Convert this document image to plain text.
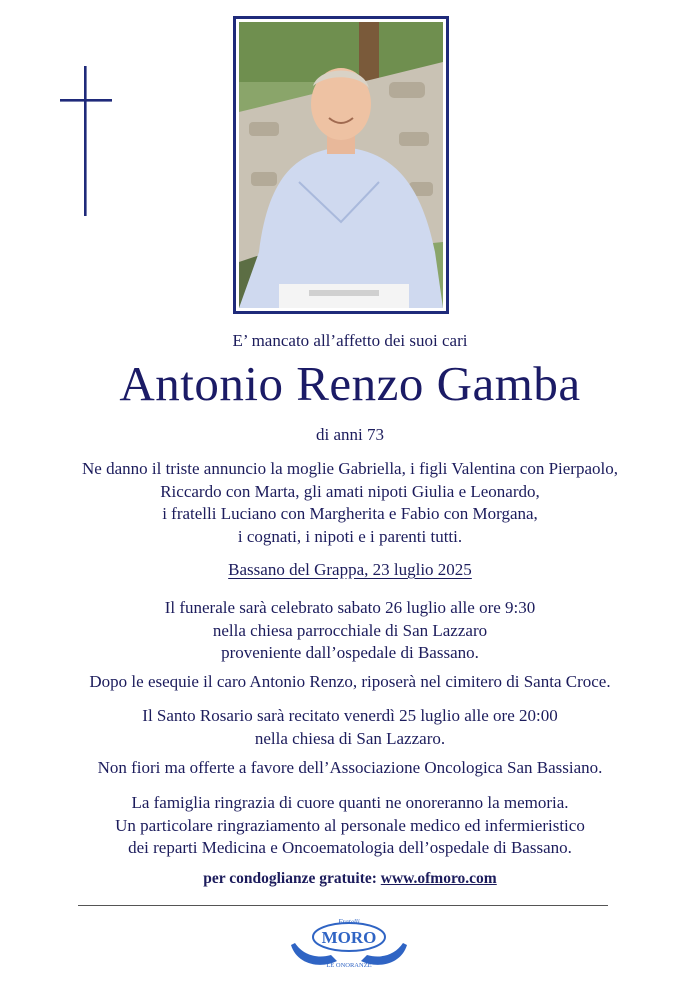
E’ mancato all’affetto dei suoi cari
Antonio Renzo Gamba
di anni 73
Ne danno il triste annuncio la moglie Gabriella, i figli Valentina con Pierpaolo,
Riccardo con Marta, gli amati nipoti Giulia e Leonardo,
i fratelli Luciano con Margherita e Fabio con Morgana,
i cognati, i nipoti e i parenti tutti.
Bassano del Grappa, 23 luglio 2025
Il funerale sarà celebrato sabato 26 luglio alle ore 9:30
nella chiesa parrocchiale di San Lazzaro
proveniente dall’ospedale di Bassano.
Dopo le esequie il caro Antonio Renzo, riposerà nel cimitero di Santa Croce.
Il Santo Rosario sarà recitato venerdì 25 luglio alle ore 20:00
nella chiesa di San Lazzaro.
Non fiori ma offerte a favore dell’Associazione Oncologica San Bassiano.
La famiglia ringrazia di cuore quanti ne onoreranno la memoria.
Un particolare ringraziamento al personale medico ed infermieristico
dei reparti Medicina e Oncoematologia dell’ospedale di Bassano.
per condoglianze gratuite: www.ofmoro.com
Fratelli
MORO
LE ONORANZE
